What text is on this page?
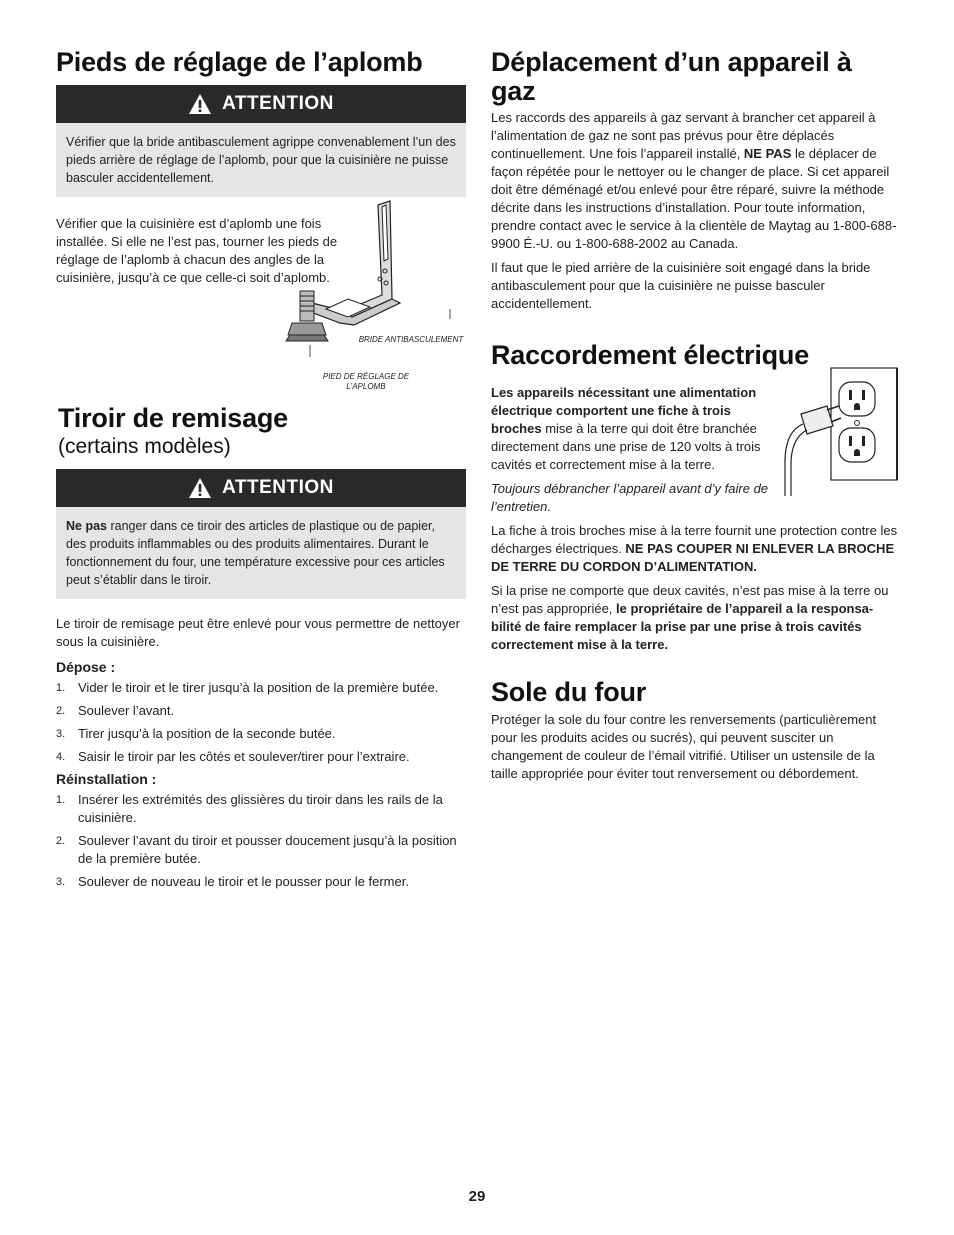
Pieds de réglage de l’aplomb
ATTENTION
Vérifier que la bride antibasculement agrippe convenablement l’un des pieds arrière de réglage de l’aplomb, pour que la cuisinière ne puisse basculer accidentellement.

Vérifier que la cuisinière est d’aplomb une fois installée. Si elle ne l’est pas, tourner les pieds de réglage de l’aplomb à chacun des angles de la cuisinière, jusqu’à ce que celle-ci soit d’aplomb.

BRIDE ANTIBASCULEMENT
PIED DE RÉGLAGE DE L’APLOMB
Tiroir de remisage
(certains modèles)
ATTENTION
Ne pas ranger dans ce tiroir des articles de plastique ou de papier, des produits inflammables ou des produits alimentaires. Durant le fonctionnement du four, une température excessive pour ces articles peut s’établir dans le tiroir.

Le tiroir de remisage peut être enlevé pour vous permettre de nettoyer sous la cuisinière.

Dépose :
1. Vider le tiroir et le tirer jusqu’à la position de la première butée.
2. Soulever l’avant.
3. Tirer jusqu’à la position de la seconde butée.
4. Saisir le tiroir par les côtés et soulever/tirer pour l’extraire.
Réinstallation :
1. Insérer les extrémités des glissières du tiroir dans les rails de la cuisinière.
2. Soulever l’avant du tiroir et pousser doucement jusqu’à la position de la première butée.
3. Soulever de nouveau le tiroir et le pousser pour le fermer.
Déplacement d’un appareil à gaz

Les raccords des appareils à gaz servant à brancher cet appareil à l’alimentation de gaz ne sont pas prévus pour être déplacés continuellement. Une fois l’appareil installé, NE PAS le déplacer de façon répétée pour le nettoyer ou le changer de place. Si cet appareil doit être déménagé et/ou enlevé pour être réparé, suivre la méthode décrite dans les instructions d’installation. Pour toute information, prendre contact avec le service à la clientèle de Maytag au 1-800-688-9900 É.-U. ou 1-800-688-2002 au Canada.

Il faut que le pied arrière de la cuisinière soit engagé dans la bride antibasculement pour que la cuisinière ne puisse basculer accidentellement.

Raccordement électrique

Les appareils nécessitant une alimentation électrique comportent une fiche à trois broches mise à la terre qui doit être branchée directement dans une prise de 120 volts à trois cavités et correctement mise à la terre.

Toujours débrancher l’appareil avant d’y faire de l’entretien.

La fiche à trois broches mise à la terre fournit une protection contre les décharges électriques. NE PAS COUPER NI ENLEVER LA BROCHE DE TERRE DU CORDON D’ALIMENTATION.

Si la prise ne comporte que deux cavités, n’est pas mise à la terre ou n’est pas appropriée, le propriétaire de l’appareil a la responsa-bilité de faire remplacer la prise par une prise à trois cavités correctement mise à la terre.

Sole du four

Protéger la sole du four contre les renversements (particulièrement pour les produits acides ou sucrés), qui peuvent susciter un changement de couleur de l’émail vitrifié. Utiliser un ustensile de la taille appropriée pour éviter tout renversement ou débordement.

29
